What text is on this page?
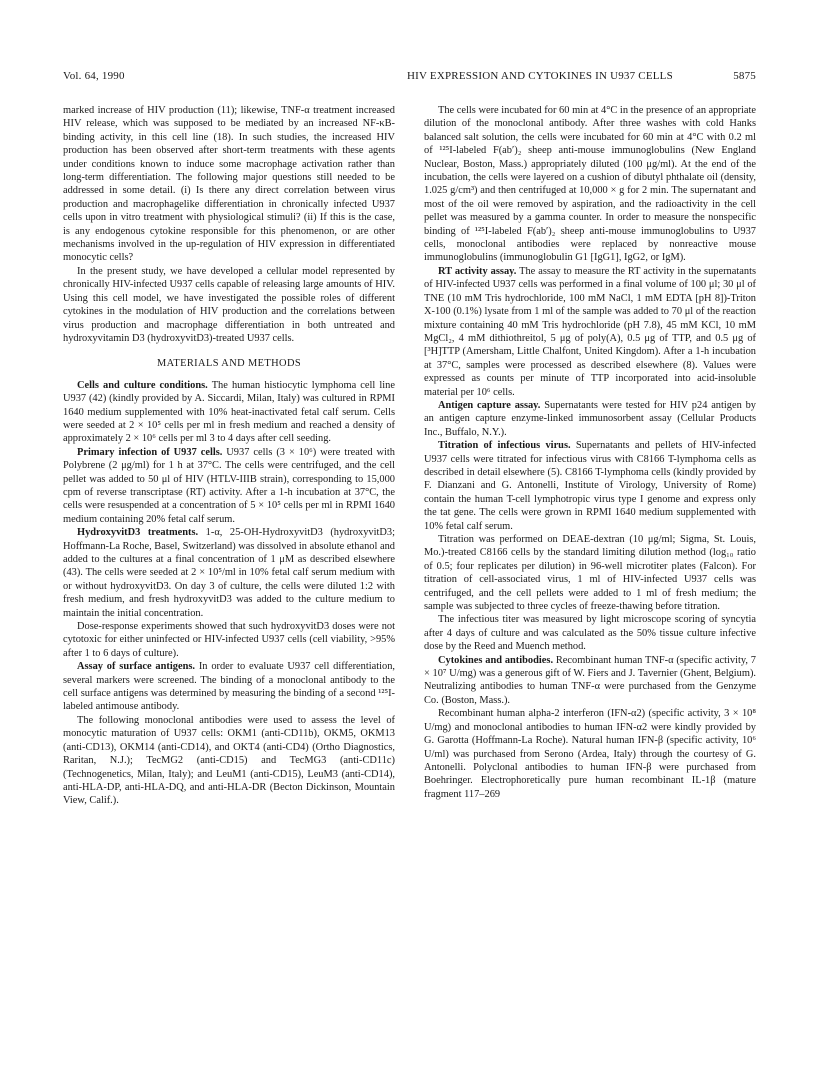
Vol. 64, 1990	HIV EXPRESSION AND CYTOKINES IN U937 CELLS	5875

marked increase of HIV production (11); likewise, TNF-α treatment increased HIV release, which was supposed to be mediated by an increased NF-κB-binding activity, in this cell line (18). In such studies, the increased HIV production has been observed after short-term treatments with these agents under conditions known to induce some macrophage activation rather than long-term differentiation. The following major questions still needed to be addressed in some detail. (i) Is there any direct correlation between virus production and macrophagelike differentiation in chronically infected U937 cells upon in vitro treatment with physiological stimuli? (ii) If this is the case, is any endogenous cytokine responsible for this phenomenon, or are other mechanisms involved in the up-regulation of HIV expression in differentiated monocytic cells?

In the present study, we have developed a cellular model represented by chronically HIV-infected U937 cells capable of releasing large amounts of HIV. Using this cell model, we have investigated the possible roles of different cytokines in the modulation of HIV production and the correlations between virus production and macrophage differentiation in both untreated and hydroxyvitamin D3 (hydroxyvitD3)-treated U937 cells.

MATERIALS AND METHODS

Cells and culture conditions. The human histiocytic lymphoma cell line U937 (42) (kindly provided by A. Siccardi, Milan, Italy) was cultured in RPMI 1640 medium supplemented with 10% heat-inactivated fetal calf serum. Cells were seeded at 2 × 10⁵ cells per ml in fresh medium and reached a density of approximately 2 × 10⁶ cells per ml 3 to 4 days after cell seeding.

Primary infection of U937 cells. U937 cells (3 × 10⁶) were treated with Polybrene (2 μg/ml) for 1 h at 37°C. The cells were centrifuged, and the cell pellet was added to 50 μl of HIV (HTLV-IIIB strain), corresponding to 15,000 cpm of reverse transcriptase (RT) activity. After a 1-h incubation at 37°C, the cells were resuspended at a concentration of 5 × 10⁵ cells per ml in RPMI 1640 medium containing 20% fetal calf serum.

HydroxyvitD3 treatments. 1-α, 25-OH-HydroxyvitD3 (hydroxyvitD3; Hoffmann-La Roche, Basel, Switzerland) was dissolved in absolute ethanol and added to the cultures at a final concentration of 1 μM as described elsewhere (43). The cells were seeded at 2 × 10⁵/ml in 10% fetal calf serum medium with or without hydroxyvitD3. On day 3 of culture, the cells were diluted 1:2 with fresh medium, and fresh hydroxyvitD3 was added to the culture medium to maintain the initial concentration.

Dose-response experiments showed that such hydroxyvitD3 doses were not cytotoxic for either uninfected or HIV-infected U937 cells (cell viability, >95% after 1 to 6 days of culture).

Assay of surface antigens. In order to evaluate U937 cell differentiation, several markers were screened. The binding of a monoclonal antibody to the cell surface antigens was determined by measuring the binding of a second ¹²⁵I-labeled antimouse antibody.

The following monoclonal antibodies were used to assess the level of monocytic maturation of U937 cells: OKM1 (anti-CD11b), OKM5, OKM13 (anti-CD13), OKM14 (anti-CD14), and OKT4 (anti-CD4) (Ortho Diagnostics, Raritan, N.J.); TecMG2 (anti-CD15) and TecMG3 (anti-CD11c) (Technogenetics, Milan, Italy); and LeuM1 (anti-CD15), LeuM3 (anti-CD14), anti-HLA-DP, anti-HLA-DQ, and anti-HLA-DR (Becton Dickinson, Mountain View, Calif.).

The cells were incubated for 60 min at 4°C in the presence of an appropriate dilution of the monoclonal antibody. After three washes with cold Hanks balanced salt solution, the cells were incubated for 60 min at 4°C with 0.2 ml of ¹²⁵I-labeled F(ab′)₂ sheep anti-mouse immunoglobulins (New England Nuclear, Boston, Mass.) appropriately diluted (100 μg/ml). At the end of the incubation, the cells were layered on a cushion of dibutyl phthalate oil (density, 1.025 g/cm³) and then centrifuged at 10,000 × g for 2 min. The supernatant and most of the oil were removed by aspiration, and the radioactivity in the cell pellet was measured by a gamma counter. In order to measure the nonspecific binding of ¹²⁵I-labeled F(ab′)₂ sheep anti-mouse immunoglobulins to U937 cells, monoclonal antibodies were replaced by nonreactive mouse immunoglobulins (immunoglobulin G1 [IgG1], IgG2, or IgM).

RT activity assay. The assay to measure the RT activity in the supernatants of HIV-infected U937 cells was performed in a final volume of 100 μl; 30 μl of TNE (10 mM Tris hydrochloride, 100 mM NaCl, 1 mM EDTA [pH 8])-Triton X-100 (0.1%) lysate from 1 ml of the sample was added to 70 μl of the reaction mixture containing 40 mM Tris hydrochloride (pH 7.8), 45 mM KCl, 10 mM MgCl₂, 4 mM dithiothreitol, 5 μg of poly(A), 0.5 μg of TTP, and 0.5 μg of [³H]TTP (Amersham, Little Chalfont, United Kingdom). After a 1-h incubation at 37°C, samples were processed as described elsewhere (8). Values were expressed as counts per minute of TTP incorporated into acid-insoluble material per 10⁶ cells.

Antigen capture assay. Supernatants were tested for HIV p24 antigen by an antigen capture enzyme-linked immunosorbent assay (Cellular Products Inc., Buffalo, N.Y.).

Titration of infectious virus. Supernatants and pellets of HIV-infected U937 cells were titrated for infectious virus with C8166 T-lymphoma cells as described in detail elsewhere (5). C8166 T-lymphoma cells (kindly provided by F. Dianzani and G. Antonelli, Institute of Virology, University of Rome) contain the human T-cell lymphotropic virus type I genome and express only the tat gene. The cells were grown in RPMI 1640 medium supplemented with 10% fetal calf serum.

Titration was performed on DEAE-dextran (10 μg/ml; Sigma, St. Louis, Mo.)-treated C8166 cells by the standard limiting dilution method (log₁₀ ratio of 0.5; four replicates per dilution) in 96-well microtiter plates (Falcon). For titration of cell-associated virus, 1 ml of HIV-infected U937 cells was centrifuged, and the cell pellets were added to 1 ml of fresh medium; the sample was subjected to three cycles of freeze-thawing before titration.

The infectious titer was measured by light microscope scoring of syncytia after 4 days of culture and was calculated as the 50% tissue culture infective dose by the Reed and Muench method.

Cytokines and antibodies. Recombinant human TNF-α (specific activity, 7 × 10⁷ U/mg) was a generous gift of W. Fiers and J. Tavernier (Ghent, Belgium). Neutralizing antibodies to human TNF-α were purchased from the Genzyme Co. (Boston, Mass.).

Recombinant human alpha-2 interferon (IFN-α2) (specific activity, 3 × 10⁸ U/mg) and monoclonal antibodies to human IFN-α2 were kindly provided by G. Garotta (Hoffmann-La Roche). Natural human IFN-β (specific activity, 10⁶ U/ml) was purchased from Serono (Ardea, Italy) through the courtesy of G. Antonelli. Polyclonal antibodies to human IFN-β were purchased from Boehringer. Electrophoretically pure human recombinant IL-1β (mature fragment 117–269
